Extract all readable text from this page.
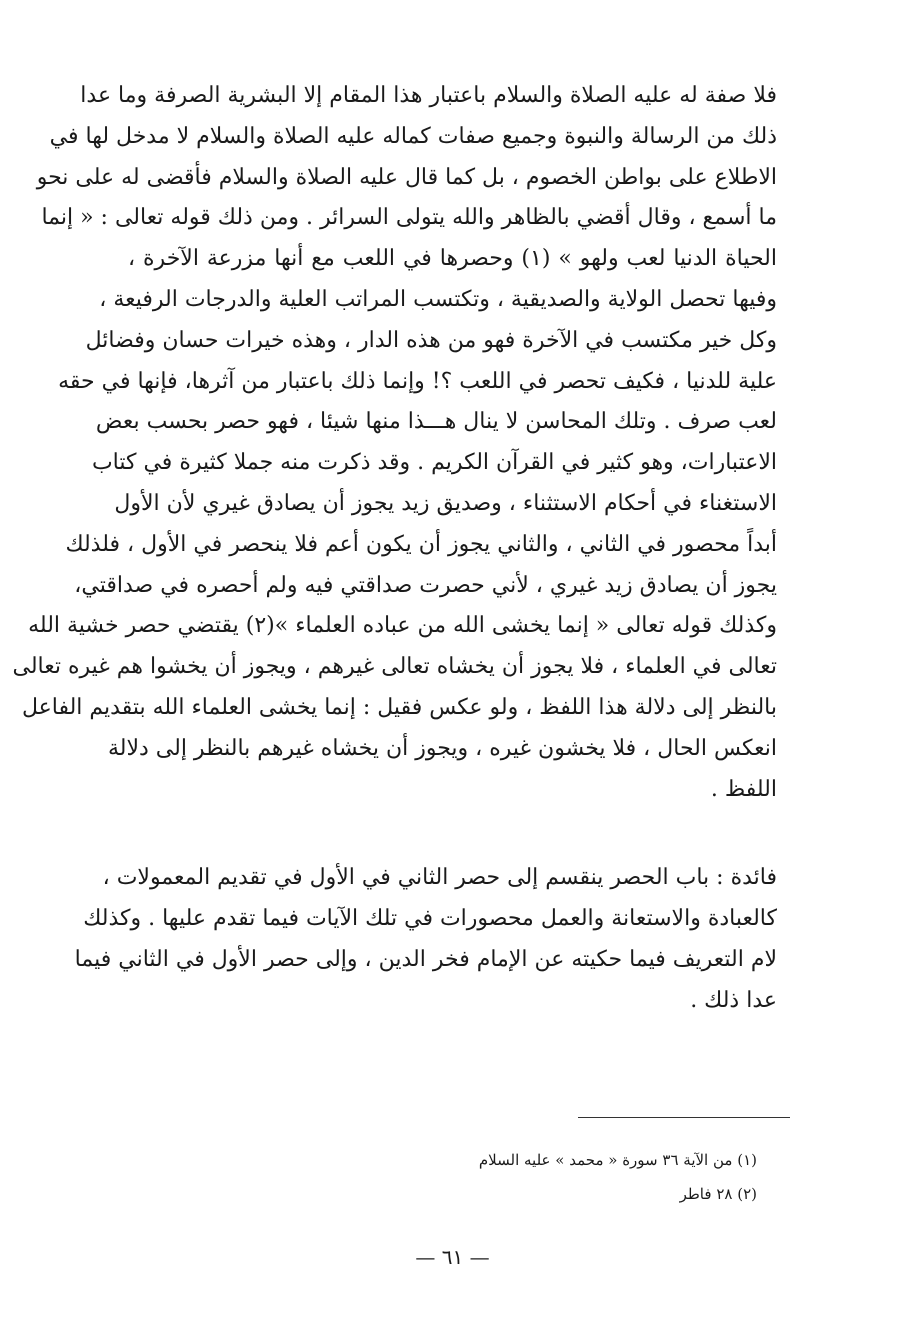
فلا صفة له عليه الصلاة والسلام باعتبار هذا المقام إلا البشرية الصرفة وما عدا
ذلك من الرسالة والنبوة وجميع صفات كماله عليه الصلاة والسلام لا مدخل لها في
الاطلاع على بواطن الخصوم ، بل كما قال عليه الصلاة والسلام فأقضى له على نحو
ما أسمع ، وقال أقضي بالظاهر والله يتولى السرائر . ومن ذلك قوله تعالى : « إنما
الحياة الدنيا لعب ولهو » (١) وحصرها في اللعب مع أنها مزرعة الآخرة ،
وفيها تحصل الولاية والصديقية ، وتكتسب المراتب العلية والدرجات الرفيعة ،
وكل خير مكتسب في الآخرة فهو من هذه الدار ، وهذه خيرات حسان وفضائل
علية للدنيا ، فكيف تحصر في اللعب ؟! وإنما ذلك باعتبار من آثرها، فإنها في حقه
لعب صرف . وتلك المحاسن لا ينال هـــذا منها شيئا ، فهو حصر بحسب بعض
الاعتبارات، وهو كثير في القرآن الكريم . وقد ذكرت منه جملا كثيرة في كتاب
الاستغناء في أحكام الاستثناء ، وصديق زيد يجوز أن يصادق غيري لأن الأول
أبداً محصور في الثاني ، والثاني يجوز أن يكون أعم فلا ينحصر في الأول ، فلذلك
يجوز أن يصادق زيد غيري ، لأني حصرت صداقتي فيه ولم أحصره في صداقتي،
وكذلك قوله تعالى « إنما يخشى الله من عباده العلماء »(٢) يقتضي حصر خشية الله
تعالى في العلماء ، فلا يجوز أن يخشاه تعالى غيرهم ، ويجوز أن يخشوا هم غيره تعالى
بالنظر إلى دلالة هذا اللفظ ، ولو عكس فقيل : إنما يخشى العلماء الله بتقديم الفاعل
انعكس الحال ، فلا يخشون غيره ، ويجوز أن يخشاه غيرهم بالنظر إلى دلالة
اللفظ .
فائدة : باب الحصر ينقسم إلى حصر الثاني في الأول في تقديم المعمولات ،
كالعبادة والاستعانة والعمل محصورات في تلك الآيات فيما تقدم عليها . وكذلك
لام التعريف فيما حكيته عن الإمام فخر الدين ، وإلى حصر الأول في الثاني فيما
عدا ذلك .
(١) من الآية ٣٦ سورة « محمد » عليه السلام
(٢) ٢٨ فاطر
— ٦١ —
